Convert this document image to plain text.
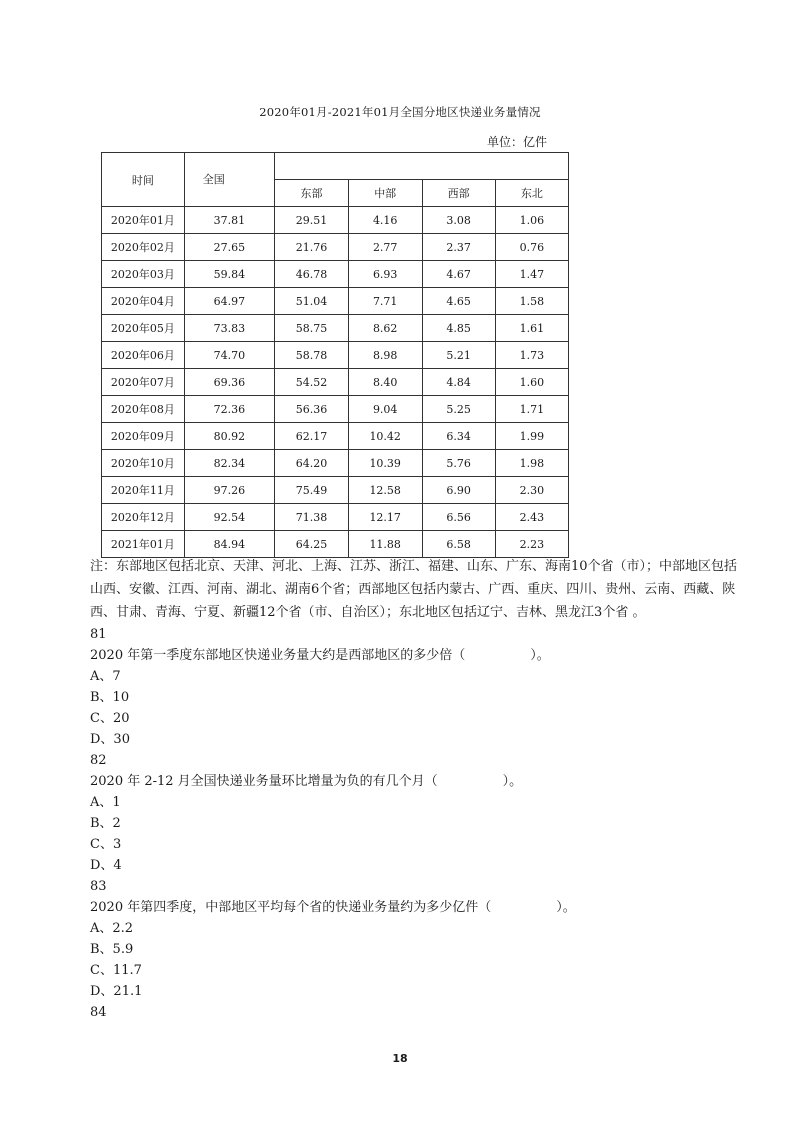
2020年01月-2021年01月全国分地区快递业务量情况
单位：亿件
时间	全国				
		东部	中部	西部	东北
2020年01月	37.81	29.51	4.16	3.08	1.06
2020年02月	27.65	21.76	2.77	2.37	0.76
2020年03月	59.84	46.78	6.93	4.67	1.47
2020年04月	64.97	51.04	7.71	4.65	1.58
2020年05月	73.83	58.75	8.62	4.85	1.61
2020年06月	74.70	58.78	8.98	5.21	1.73
2020年07月	69.36	54.52	8.40	4.84	1.60
2020年08月	72.36	56.36	9.04	5.25	1.71
2020年09月	80.92	62.17	10.42	6.34	1.99
2020年10月	82.34	64.20	10.39	5.76	1.98
2020年11月	97.26	75.49	12.58	6.90	2.30
2020年12月	92.54	71.38	12.17	6.56	2.43
2021年01月	84.94	64.25	11.88	6.58	2.23
注：东部地区包括北京、天津、河北、上海、江苏、浙江、福建、山东、广东、海南10个省（市）；中部地区包括山西、安徽、江西、河南、湖北、湖南6个省；西部地区包括内蒙古、广西、重庆、四川、贵州、云南、西藏、陕西、甘肃、青海、宁夏、新疆12个省（市、自治区）；东北地区包括辽宁、吉林、黑龙江3个省 。
81
2020 年第一季度东部地区快递业务量大约是西部地区的多少倍（　　　　　）。
A、7
B、10
C、20
D、30
82
2020 年 2-12 月全国快递业务量环比增量为负的有几个月（　　　　　）。
A、1
B、2
C、3
D、4
83
2020 年第四季度，中部地区平均每个省的快递业务量约为多少亿件（　　　　　）。
A、2.2
B、5.9
C、11.7
D、21.1
84
18
